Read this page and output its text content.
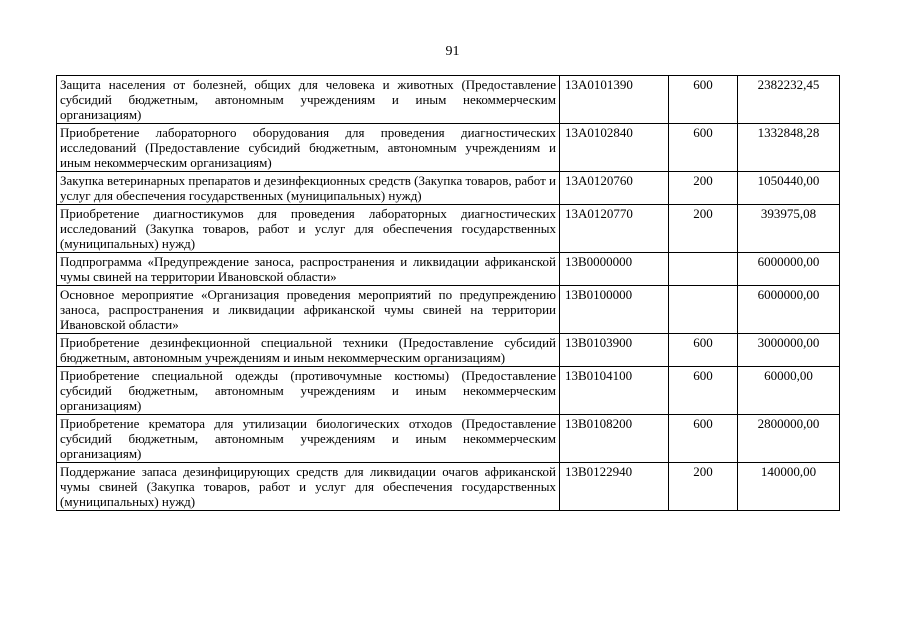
91
Защита населения от болезней, общих для человека и животных (Предоставление субсидий бюджетным, автономным учреждениям и иным некоммерческим организациям)	13А0101390	600	2382232,45
Приобретение лабораторного оборудования для проведения диагностических исследований (Предоставление субсидий бюджетным, автономным учреждениям и иным некоммерческим организациям)	13А0102840	600	1332848,28
Закупка ветеринарных препаратов и дезинфекционных средств (Закупка товаров, работ и услуг для обеспечения государственных (муниципальных) нужд)	13А0120760	200	1050440,00
Приобретение диагностикумов для проведения лабораторных диагностических исследований (Закупка товаров, работ и услуг для обеспечения государственных (муниципальных) нужд)	13А0120770	200	393975,08
Подпрограмма «Предупреждение заноса, распространения и ликвидации африканской чумы свиней на территории Ивановской области»	13В0000000		6000000,00
Основное мероприятие «Организация проведения мероприятий по предупреждению заноса, распространения и ликвидации африканской чумы свиней на территории Ивановской области»	13В0100000		6000000,00
Приобретение дезинфекционной специальной техники (Предоставление субсидий бюджетным, автономным учреждениям и иным некоммерческим организациям)	13В0103900	600	3000000,00
Приобретение специальной одежды (противочумные костюмы) (Предоставление субсидий бюджетным, автономным учреждениям и иным некоммерческим организациям)	13В0104100	600	60000,00
Приобретение крематора для утилизации биологических отходов (Предоставление субсидий бюджетным, автономным учреждениям и иным некоммерческим организациям)	13В0108200	600	2800000,00
Поддержание запаса дезинфицирующих средств для ликвидации очагов африканской чумы свиней (Закупка товаров, работ и услуг для обеспечения государственных (муниципальных) нужд)	13В0122940	200	140000,00
